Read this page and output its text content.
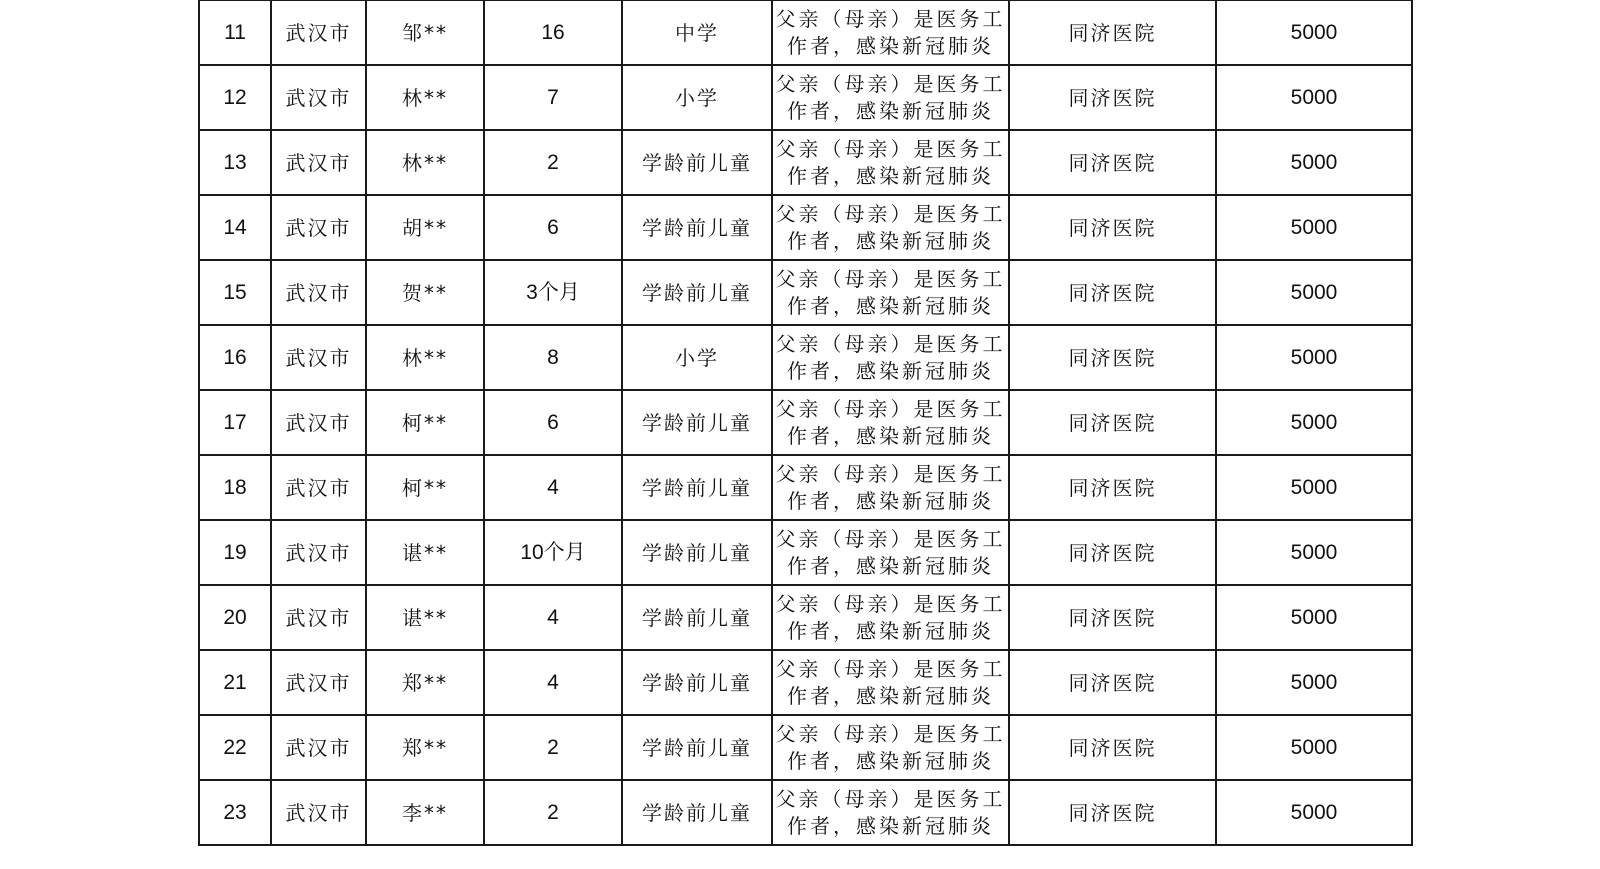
11	武汉市	邹**	16	中学	父亲（母亲）是医务工作者，感染新冠肺炎	同济医院	5000
12	武汉市	林**	7	小学	父亲（母亲）是医务工作者，感染新冠肺炎	同济医院	5000
13	武汉市	林**	2	学龄前儿童	父亲（母亲）是医务工作者，感染新冠肺炎	同济医院	5000
14	武汉市	胡**	6	学龄前儿童	父亲（母亲）是医务工作者，感染新冠肺炎	同济医院	5000
15	武汉市	贺**	3个月	学龄前儿童	父亲（母亲）是医务工作者，感染新冠肺炎	同济医院	5000
16	武汉市	林**	8	小学	父亲（母亲）是医务工作者，感染新冠肺炎	同济医院	5000
17	武汉市	柯**	6	学龄前儿童	父亲（母亲）是医务工作者，感染新冠肺炎	同济医院	5000
18	武汉市	柯**	4	学龄前儿童	父亲（母亲）是医务工作者，感染新冠肺炎	同济医院	5000
19	武汉市	谌**	10个月	学龄前儿童	父亲（母亲）是医务工作者，感染新冠肺炎	同济医院	5000
20	武汉市	谌**	4	学龄前儿童	父亲（母亲）是医务工作者，感染新冠肺炎	同济医院	5000
21	武汉市	郑**	4	学龄前儿童	父亲（母亲）是医务工作者，感染新冠肺炎	同济医院	5000
22	武汉市	郑**	2	学龄前儿童	父亲（母亲）是医务工作者，感染新冠肺炎	同济医院	5000
23	武汉市	李**	2	学龄前儿童	父亲（母亲）是医务工作者，感染新冠肺炎	同济医院	5000
